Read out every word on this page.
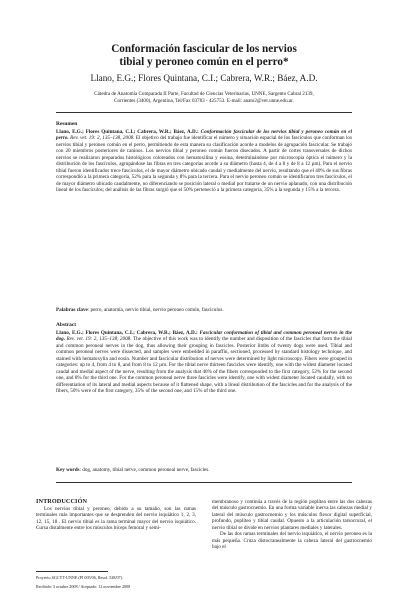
Conformación fascicular de los nervios
tibial y peroneo común en el perro*
Llano, E.G.; Flores Quintana, C.I.; Cabrera, W.R.; Báez, A.D.
Cátedra de Anatomía Comparada II Parte, Facultad de Ciencias Veterinarias, UNNE, Sargento Cabral 2139,
Corrientes (3400), Argentina, Tel/Fax 03783 - 425753. E-mail: anato2@vet.unne.edu.ar.

Resumen

Llano, E.G.; Flores Quintana, C.I.; Cabrera, W.R.; Báez, A.D.: Conformación fascicular de los nervios tibial y peroneo común en el perro. Rev. vet. 19: 2, 135–138, 2008. El objetivo del trabajo fue identificar el número y situación espacial de los fascículos que conforman los nervios tibial y peroneo común en el perro, permitiendo de esta manera su clasificación acorde a modelos de agrupación fascicular. Se trabajó con 20 miembros posteriores de caninos. Los nervios tibial y peroneo común fueron disecados. A partir de cortes transversales de dichos nervios se realizaron preparados histológicos coloreados con hematoxilina y eosina, determinándose por microscopía óptica el número y la distribución de los fascículos, agrupándose las fibras en tres categorías acorde a su diámetro (hasta 4, de 4 a 8 y de 8 a 12 µm). Para el nervio tibial fueron identificados trece fascículos, el de mayor diámetro ubicado caudal y medialmente del nervio, resultando que el 40% de sus fibras correspondió a la primera categoría, 52% para la segunda y 8% para la tercera. Para el nervio peroneo común se identificaron tres fascículos, el de mayor diámetro ubicado caudalmente, no diferenciando se posición lateral o medial por tratarse de un nervio aplanado, con una distribución lineal de los fascículos; del análisis de las fibras surgió que el 50% perteneció a la primera categoría, 35% a la segunda y 15% a la tercera.

Palabras clave: perro, anatomía, nervio tibial, nervio peroneo común, fascículos.

Abstract

Llano, E.G.; Flores Quintana, C.I.; Cabrera, W.R.; Báez, A.D.: Fascicular conformation of tibial and common peroneal nerves in the dog. Rev. vet. 19: 2, 135–138, 2008. The objective of this work was to identify the number and disposition of the fascicles that form the tibial and common peroneal nerves in the dog, thus allowing their grouping in fascicles. Posterior limbs of twenty dogs were used. Tibial and common peroneal nerves were dissected, and samples were embedded in paraffin, sectioned, processed by standard histology technique, and stained with hematoxylin and eosin. Number and fascicular distribution of nerves were determined by light microscopy. Fibers were grouped in categories: up to 4, from 4 to 8, and from 8 to 12 µm. For the tibial nerve thirteen fascicles were identify, one with the widest diameter located caudal and medial aspect of the nerve, resulting from the analysis that 40% of the fibers corresponded to the first category, 52% for the second one, and 8% for the third one. For the common peroneal nerve three fascicles were identify, one with widest diameter located caudally, with no differentiation of its lateral and medial aspects because of it flattened shape, with a lineal distribution of the fascicles and for the analysis of the fibers, 50% were of the first category, 35% of the second one, and 15% of the third one.

Key words: dog, anatomy, tibial nerve, common peroneal nerve, fascicles.

INTRODUCCIÓN

Los nervios tibial y peroneo, debido a su tamaño, son las ramas terminales más importantes que se desprenden del nervio isquiático 1, 2, 3, 12, 15, 18 . El nervio tibial es la rama terminal mayor del nervio isquiático. Cursa distalmente entre los músculos bíceps femoral y semi-

membranoso y continúa a través de la región poplítea entre las dos cabezas del músculo gastrocnemio. En una forma variable inerva las cabezas medial y lateral del músculo gastrocnemio y los músculos flexor digital superficial, profundo, poplíteo y tibial caudal. Opuesto a la articulación tarsocrural, el nervio tibial se divide en nervios plantares mediales y laterales.

De las dos ramas terminales del nervio isquiático, el nervio peroneo es la más pequeña. Cruza distocranealmente la cabeza lateral del gastrocnemio bajo el

Proyecto SGCYT-UNNE (PI 005/06, Resol. 528/07).
Recibido: 3 octubre 2008 / Aceptado: 12 noviembre 2008
